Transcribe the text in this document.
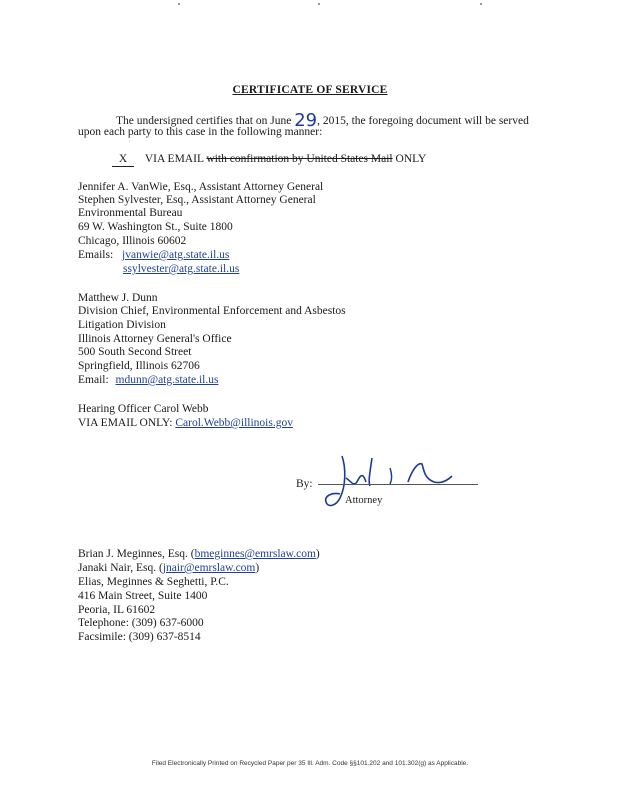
CERTIFICATE OF SERVICE
The undersigned certifies that on June 29, 2015, the foregoing document will be served
upon each party to this case in the following manner:
X VIA EMAIL with confirmation by United States Mail ONLY
Jennifer A. VanWie, Esq., Assistant Attorney General
Stephen Sylvester, Esq., Assistant Attorney General
Environmental Bureau
69 W. Washington St., Suite 1800
Chicago, Illinois 60602
Emails: jvanwie@atg.state.il.us
ssylvester@atg.state.il.us
Matthew J. Dunn
Division Chief, Environmental Enforcement and Asbestos
Litigation Division
Illinois Attorney General's Office
500 South Second Street
Springfield, Illinois 62706
Email: mdunn@atg.state.il.us
Hearing Officer Carol Webb
VIA EMAIL ONLY: Carol.Webb@illinois.gov
By:
Attorney
Brian J. Meginnes, Esq. (bmeginnes@emrslaw.com)
Janaki Nair, Esq. (jnair@emrslaw.com)
Elias, Meginnes & Seghetti, P.C.
416 Main Street, Suite 1400
Peoria, IL 61602
Telephone: (309) 637-6000
Facsimile: (309) 637-8514
Filed Electronically Printed on Recycled Paper per 35 Ill. Adm. Code §§101.202 and 101.302(g) as Applicable.
